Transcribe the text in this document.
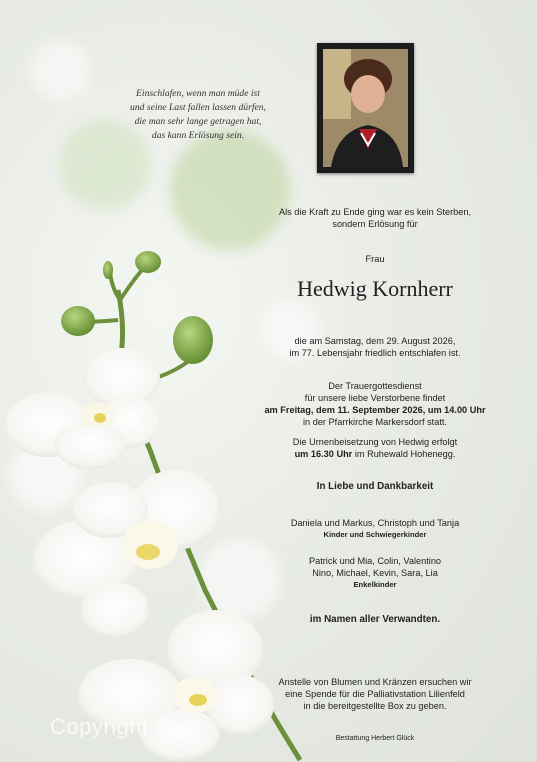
Einschlafen, wenn man müde ist
und seine Last fallen lassen dürfen,
die man sehr lange getragen hat,
das kann Erlösung sein.
Als die Kraft zu Ende ging war es kein Sterben,
sondern Erlösung für
Frau
Hedwig Kornherr
die am Samstag, dem 29. August 2026,
im 77. Lebensjahr friedlich entschlafen ist.
Der Trauergottesdienst
für unsere liebe Verstorbene findet
am Freitag, dem 11. September 2026, um 14.00 Uhr
in der Pfarrkirche Markersdorf statt.
Die Urnenbeisetzung von Hedwig erfolgt
um 16.30 Uhr im Ruhewald Hohenegg.
In Liebe und Dankbarkeit
Daniela und Markus, Christoph und Tanja
Kinder und Schwiegerkinder
Patrick und Mia, Colin, Valentino
Nino, Michael, Kevin, Sara, Lia
Enkelkinder
im Namen aller Verwandten.
Anstelle von Blumen und Kränzen ersuchen wir
eine Spende für die Palliativstation Lilienfeld
in die bereitgestellte Box zu geben.
Bestattung Herbert Glück
Copyright ©
